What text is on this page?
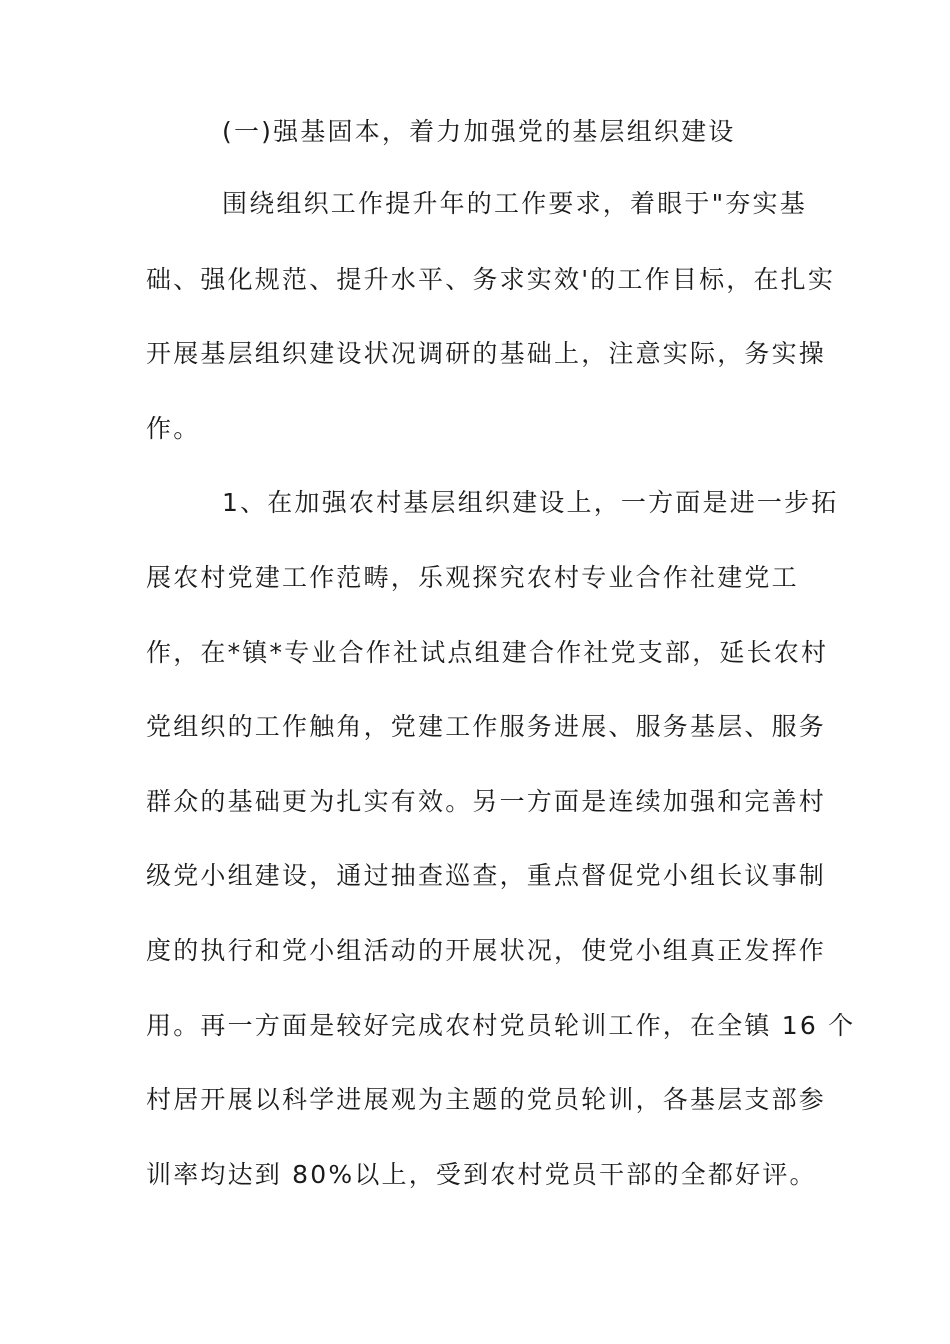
(一)强基固本，着力加强党的基层组织建设
围绕组织工作提升年的工作要求，着眼于"夯实基
础、强化规范、提升水平、务求实效'的工作目标，在扎实
开展基层组织建设状况调研的基础上，注意实际，务实操
作。
1、在加强农村基层组织建设上，一方面是进一步拓
展农村党建工作范畴，乐观探究农村专业合作社建党工
作，在*镇*专业合作社试点组建合作社党支部，延长农村
党组织的工作触角，党建工作服务进展、服务基层、服务
群众的基础更为扎实有效。另一方面是连续加强和完善村
级党小组建设，通过抽查巡查，重点督促党小组长议事制
度的执行和党小组活动的开展状况，使党小组真正发挥作
用。再一方面是较好完成农村党员轮训工作，在全镇 16 个
村居开展以科学进展观为主题的党员轮训，各基层支部参
训率均达到 80%以上，受到农村党员干部的全都好评。
